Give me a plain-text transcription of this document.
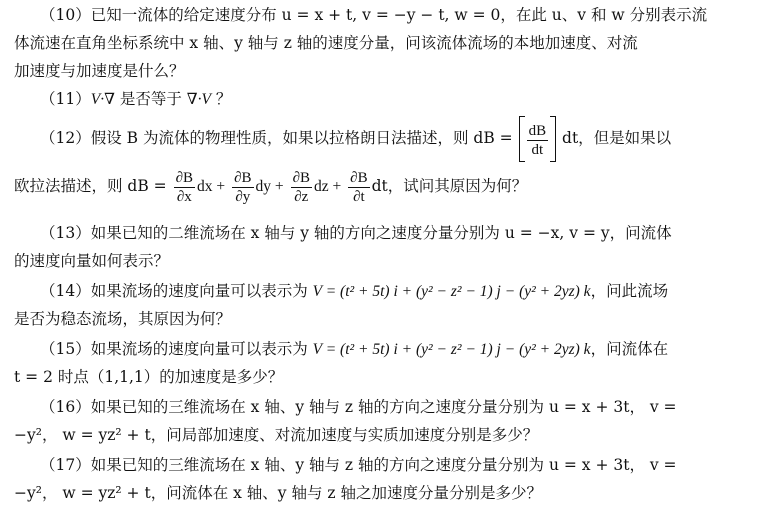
（10）已知一流体的给定速度分布 u = x + t, v = −y − t, w = 0，在此 u、v 和 w 分别表示流
体流速在直角坐标系统中 x 轴、y 轴与 z 轴的速度分量，问该流体流场的本地加速度、对流
加速度与加速度是什么？
（11）V·∇ 是否等于 ∇·V ？
（12）假设 B 为流体的物理性质，如果以拉格朗日法描述，则 dB = $\frac{dB}{dt}$ dt，但是如果以
欧拉法描述，则 dB = $\frac{\partial B}{\partial x}$ dx + $\frac{\partial B}{\partial y}$ dy + $\frac{\partial B}{\partial z}$ dz + $\frac{\partial B}{\partial t}$ dt，试问其原因为何？
（13）如果已知的二维流场在 x 轴与 y 轴的方向之速度分量分别为 u = −x, v = y，问流体
的速度向量如何表示？
（14）如果流场的速度向量可以表示为 V = (t² + 5t) i + (y² − z² − 1) j − (y² + 2yz) k，问此流场
是否为稳态流场，其原因为何？
（15）如果流场的速度向量可以表示为 V = (t² + 5t) i + (y² − z² − 1) j − (y² + 2yz) k，问流体在
t = 2 时点（1,1,1）的加速度是多少？
（16）如果已知的三维流场在 x 轴、y 轴与 z 轴的方向之速度分量分别为 u = x + 3t， v =
−y²， w = yz² + t，问局部加速度、对流加速度与实质加速度分别是多少？
（17）如果已知的三维流场在 x 轴、y 轴与 z 轴的方向之速度分量分别为 u = x + 3t， v =
−y²， w = yz² + t，问流体在 x 轴、y 轴与 z 轴之加速度分量分别是多少？
